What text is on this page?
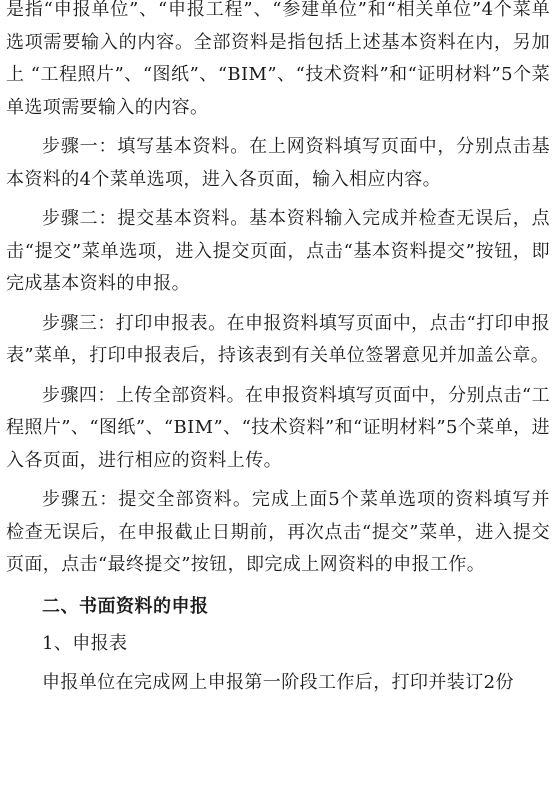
是指“申报单位”、“申报工程”、“参建单位”和“相关单位”4个菜单选项需要输入的内容。全部资料是指包括上述基本资料在内，另加上 “工程照片”、“图纸”、“BIM”、“技术资料”和“证明材料”5个菜单选项需要输入的内容。

步骤一：填写基本资料。在上网资料填写页面中，分别点击基本资料的4个菜单选项，进入各页面，输入相应内容。

步骤二：提交基本资料。基本资料输入完成并检查无误后，点击“提交”菜单选项，进入提交页面，点击“基本资料提交”按钮，即完成基本资料的申报。

步骤三：打印申报表。在申报资料填写页面中，点击“打印申报表”菜单，打印申报表后，持该表到有关单位签署意见并加盖公章。

步骤四：上传全部资料。在申报资料填写页面中，分别点击“工程照片”、“图纸”、“BIM”、“技术资料”和“证明材料”5个菜单，进入各页面，进行相应的资料上传。

步骤五：提交全部资料。完成上面5个菜单选项的资料填写并检查无误后，在申报截止日期前，再次点击“提交”菜单，进入提交页面，点击“最终提交”按钮，即完成上网资料的申报工作。

二、书面资料的申报

1、申报表

申报单位在完成网上申报第一阶段工作后，打印并装订2份
